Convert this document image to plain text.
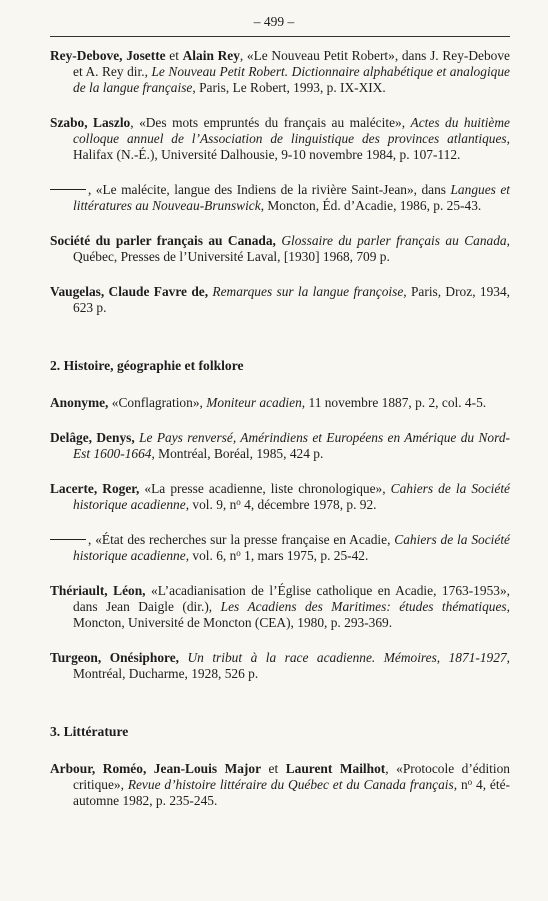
– 499 –

Rey-Debove, Josette et Alain Rey, «Le Nouveau Petit Robert», dans J. Rey-Debove et A. Rey dir., Le Nouveau Petit Robert. Dictionnaire alphabétique et analogique de la langue française, Paris, Le Robert, 1993, p. IX-XIX.

Szabo, Laszlo, «Des mots empruntés du français au malécite», Actes du huitième colloque annuel de l’Association de linguistique des provinces atlantiques, Halifax (N.-É.), Université Dalhousie, 9-10 novembre 1984, p. 107-112.

, «Le malécite, langue des Indiens de la rivière Saint-Jean», dans Langues et littératures au Nouveau-Brunswick, Moncton, Éd. d’Acadie, 1986, p. 25-43.

Société du parler français au Canada, Glossaire du parler français au Canada, Québec, Presses de l’Université Laval, [1930] 1968, 709 p.

Vaugelas, Claude Favre de, Remarques sur la langue françoise, Paris, Droz, 1934, 623 p.

2. Histoire, géographie et folklore

Anonyme, «Conflagration», Moniteur acadien, 11 novembre 1887, p. 2, col. 4-5.

Delâge, Denys, Le Pays renversé, Amérindiens et Européens en Amérique du Nord-Est 1600-1664, Montréal, Boréal, 1985, 424 p.

Lacerte, Roger, «La presse acadienne, liste chronologique», Cahiers de la Société historique acadienne, vol. 9, $n^o$ 4, décembre 1978, p. 92.

, «État des recherches sur la presse française en Acadie, Cahiers de la Société historique acadienne, vol. 6, $n^o$ 1, mars 1975, p. 25-42.

Thériault, Léon, «L’acadianisation de l’Église catholique en Acadie, 1763-1953», dans Jean Daigle (dir.), Les Acadiens des Maritimes: études thématiques, Moncton, Université de Moncton (CEA), 1980, p. 293-369.

Turgeon, Onésiphore, Un tribut à la race acadienne. Mémoires, 1871-1927, Montréal, Ducharme, 1928, 526 p.

3. Littérature

Arbour, Roméo, Jean-Louis Major et Laurent Mailhot, «Protocole d’édition critique», Revue d’histoire littéraire du Québec et du Canada français, $n^o$ 4, été-automne 1982, p. 235-245.
